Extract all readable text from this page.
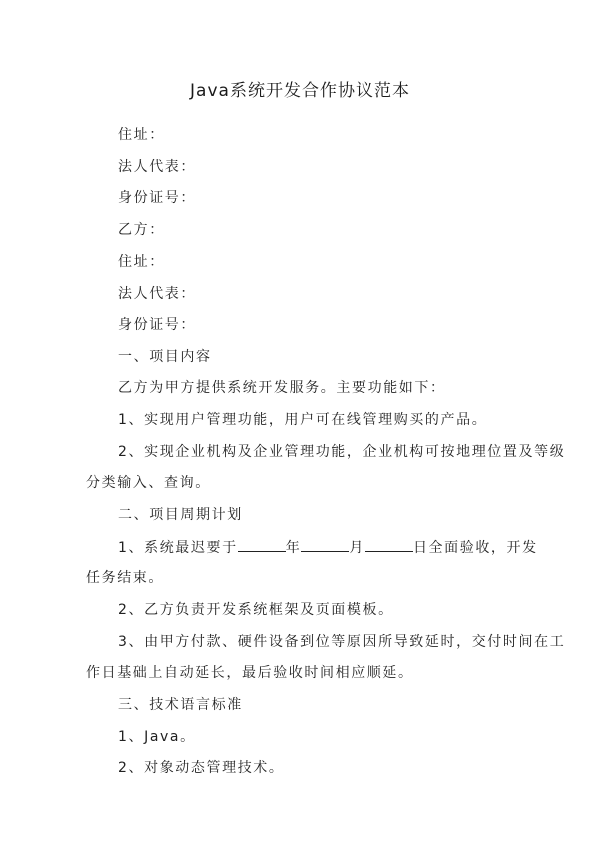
Java系统开发合作协议范本
住址：
法人代表：
身份证号：
乙方：
住址：
法人代表：
身份证号：
一、项目内容
乙方为甲方提供系统开发服务。主要功能如下：
1、实现用户管理功能，用户可在线管理购买的产品。
2、实现企业机构及企业管理功能，企业机构可按地理位置及等级
分类输入、查询。
二、项目周期计划
1、系统最迟要于	年	月	日全面验收，开发
任务结束。
2、乙方负责开发系统框架及页面模板。
3、由甲方付款、硬件设备到位等原因所导致延时，交付时间在工
作日基础上自动延长，最后验收时间相应顺延。
三、技术语言标准
1、Java。
2、对象动态管理技术。
